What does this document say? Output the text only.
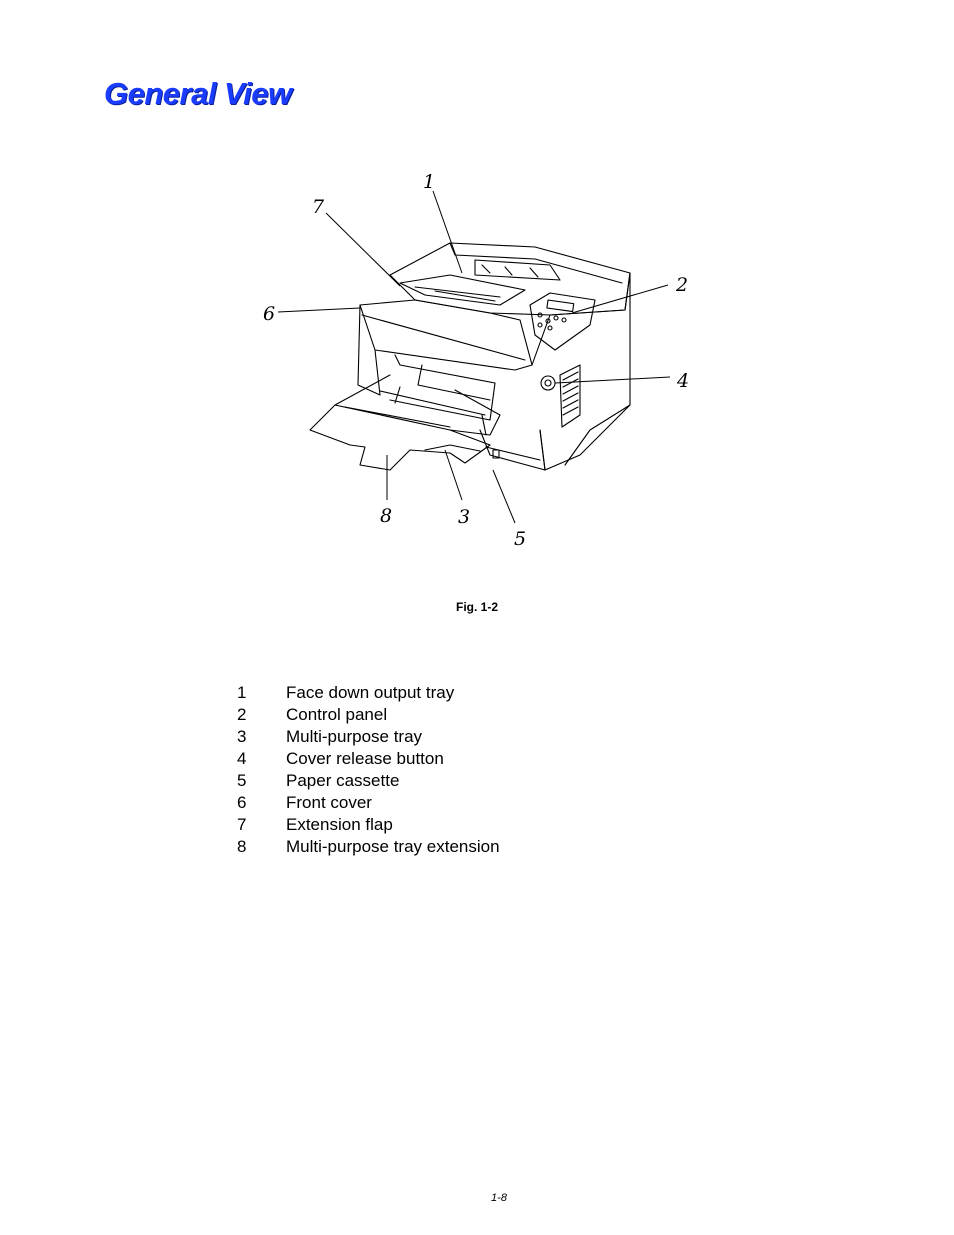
General View
1
2
3
4
5
6
7
8
Fig. 1-2
1	Face down output tray
2	Control panel
3	Multi-purpose tray
4	Cover release button
5	Paper cassette
6	Front cover
7	Extension flap
8	Multi-purpose tray extension
1-8
